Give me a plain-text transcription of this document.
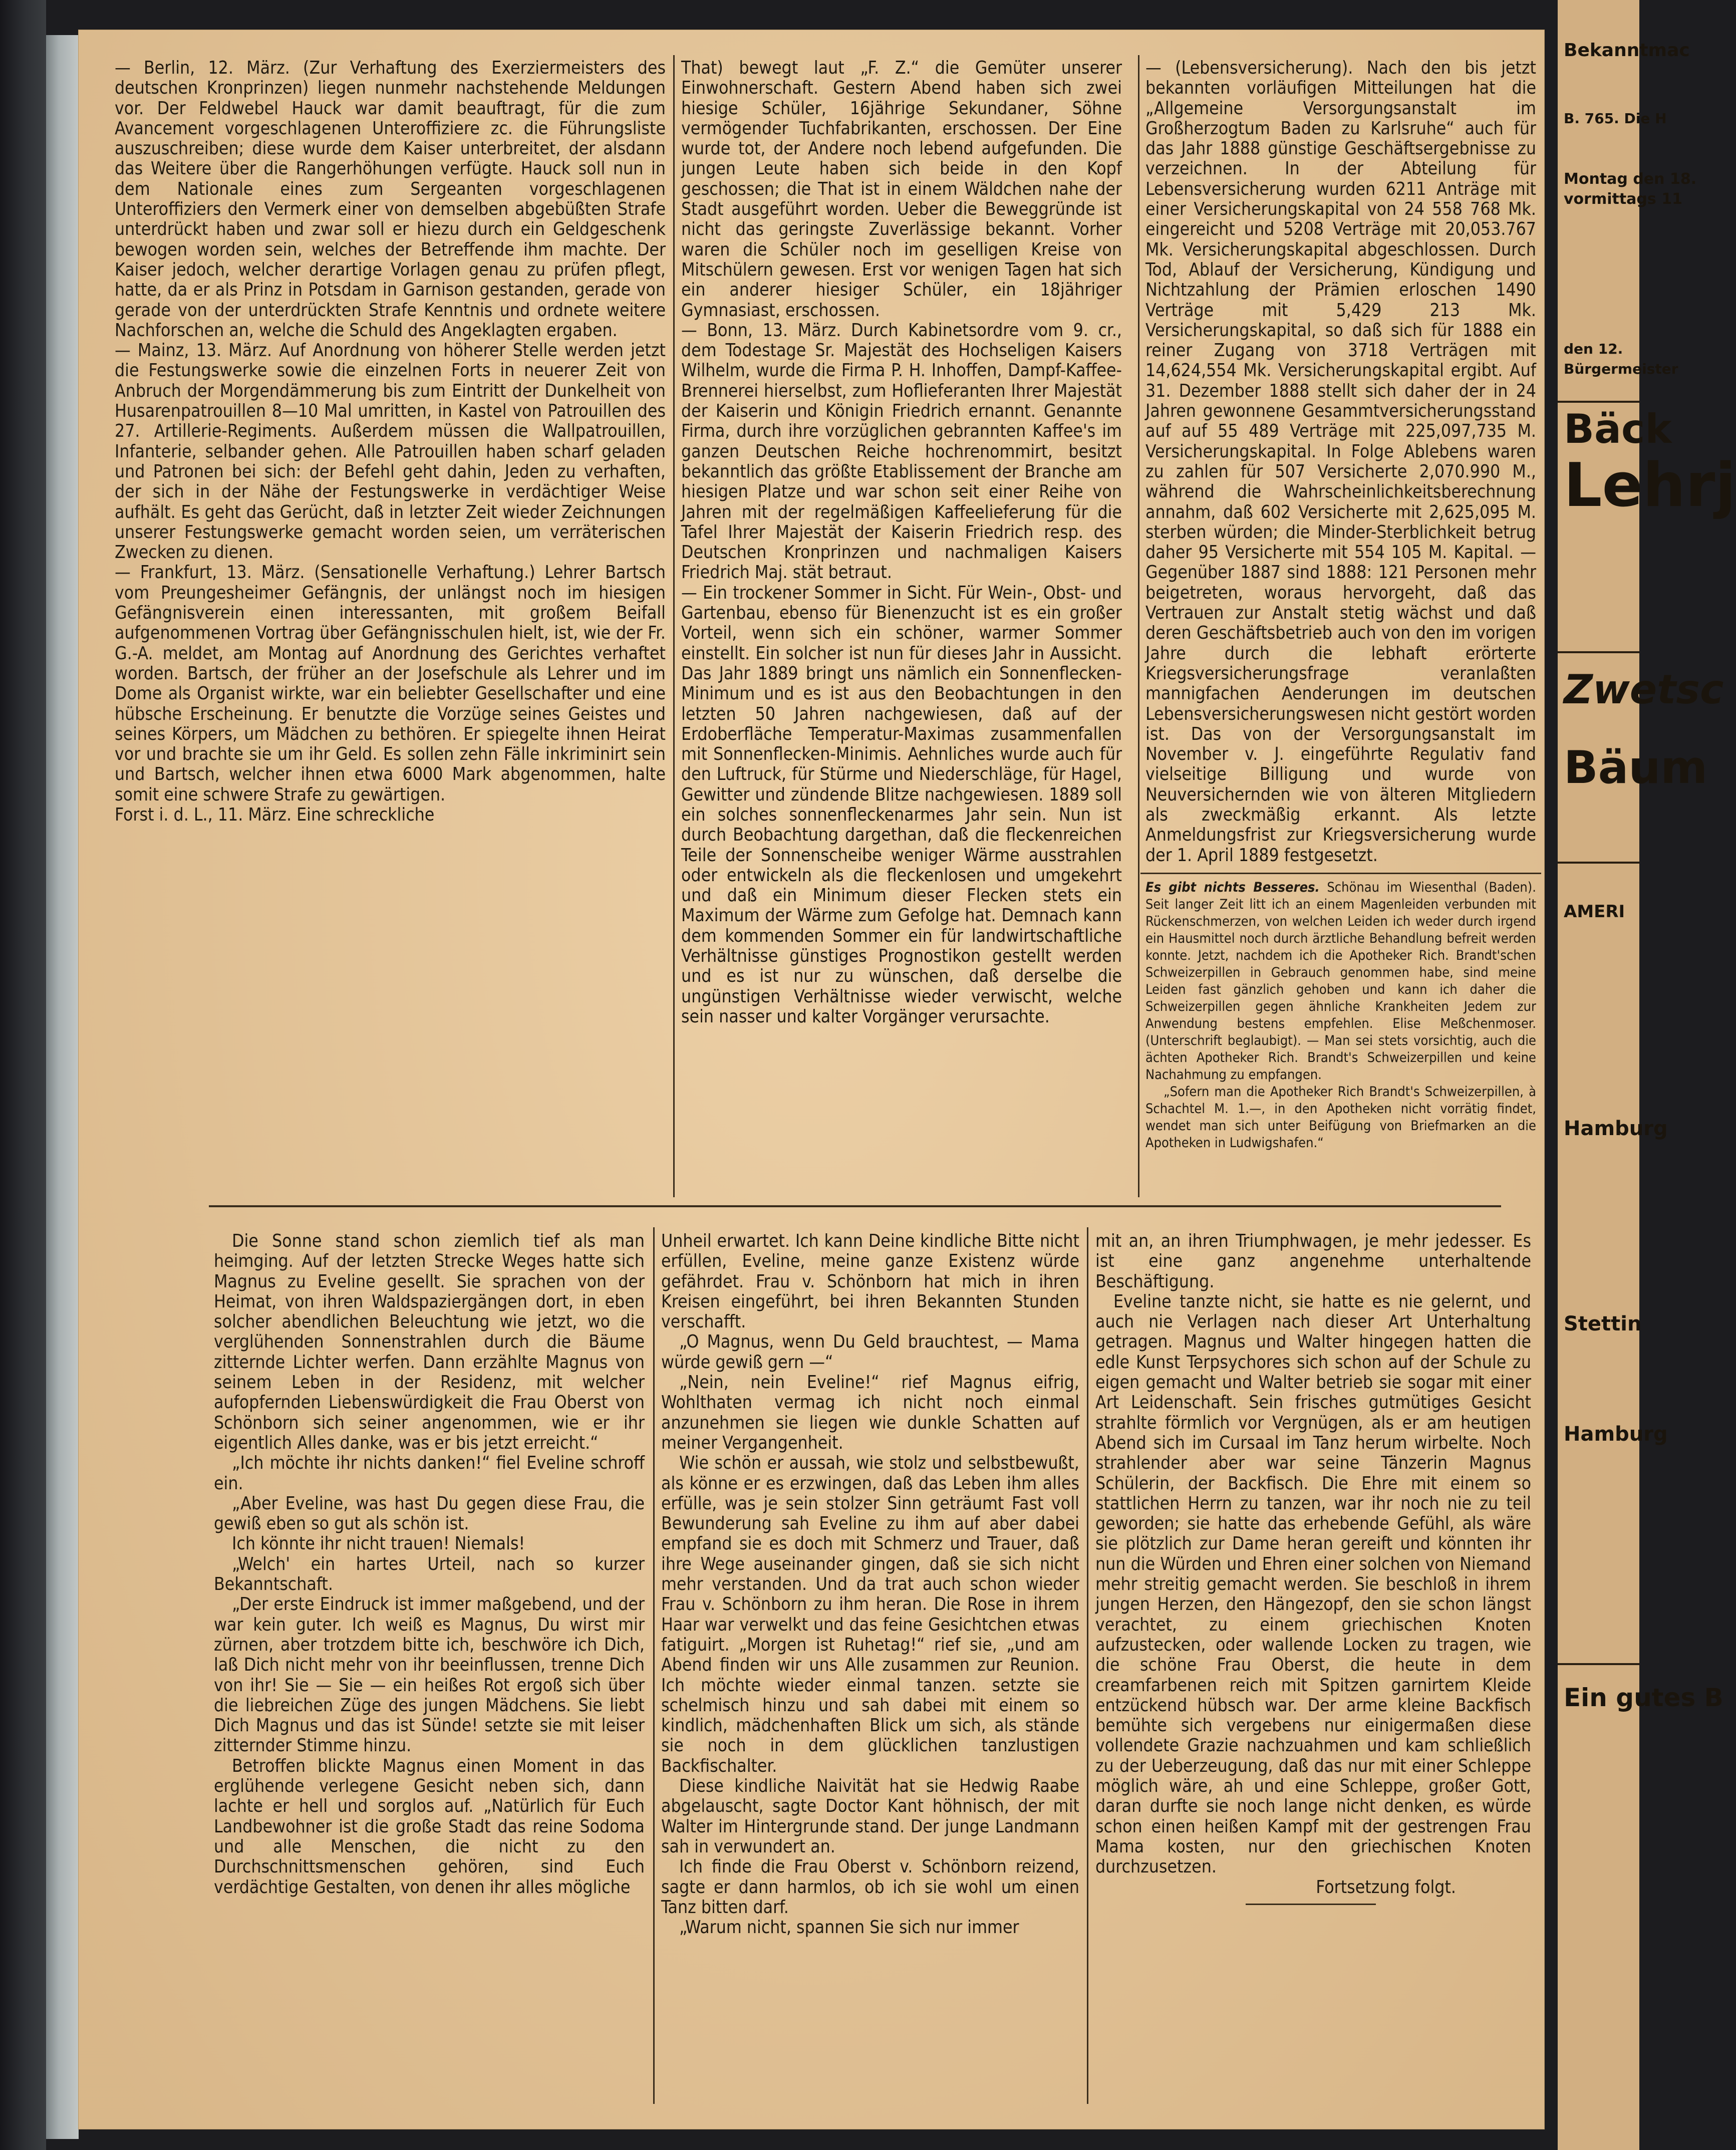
— Berlin, 12. März. (Zur Verhaftung des Exerziermeisters des deutschen Kronprinzen) liegen nunmehr nachstehende Meldungen vor. Der Feldwebel Hauck war damit beauftragt, für die zum Avancement vorgeschlagenen Unteroffiziere zc. die Führungsliste auszuschreiben; diese wurde dem Kaiser unterbreitet, der alsdann das Weitere über die Rangerhöhungen verfügte. Hauck soll nun in dem Nationale eines zum Sergeanten vorgeschlagenen Unteroffiziers den Vermerk einer von demselben abgebüßten Strafe unterdrückt haben und zwar soll er hiezu durch ein Geldgeschenk bewogen worden sein, welches der Betreffende ihm machte. Der Kaiser jedoch, welcher derartige Vorlagen genau zu prüfen pflegt, hatte, da er als Prinz in Potsdam in Garnison gestanden, gerade von gerade von der unterdrückten Strafe Kenntnis und ordnete weitere Nachforschen an, welche die Schuld des Angeklagten ergaben.

— Mainz, 13. März. Auf Anordnung von höherer Stelle werden jetzt die Festungswerke sowie die einzelnen Forts in neuerer Zeit von Anbruch der Morgendämmerung bis zum Eintritt der Dunkelheit von Husarenpatrouillen 8—10 Mal umritten, in Kastel von Patrouillen des 27. Artillerie-Regiments. Außerdem müssen die Wallpatrouillen, Infanterie, selbander gehen. Alle Patrouillen haben scharf geladen und Patronen bei sich: der Befehl geht dahin, Jeden zu verhaften, der sich in der Nähe der Festungswerke in verdächtiger Weise aufhält. Es geht das Gerücht, daß in letzter Zeit wieder Zeichnungen unserer Festungswerke gemacht worden seien, um verräterischen Zwecken zu dienen.

— Frankfurt, 13. März. (Sensationelle Verhaftung.) Lehrer Bartsch vom Preungesheimer Gefängnis, der unlängst noch im hiesigen Gefängnisverein einen interessanten, mit großem Beifall aufgenommenen Vortrag über Gefängnisschulen hielt, ist, wie der Fr. G.-A. meldet, am Montag auf Anordnung des Gerichtes verhaftet worden. Bartsch, der früher an der Josefschule als Lehrer und im Dome als Organist wirkte, war ein beliebter Gesellschafter und eine hübsche Erscheinung. Er benutzte die Vorzüge seines Geistes und seines Körpers, um Mädchen zu bethören. Er spiegelte ihnen Heirat vor und brachte sie um ihr Geld. Es sollen zehn Fälle inkriminirt sein und Bartsch, welcher ihnen etwa 6000 Mark abgenommen, halte somit eine schwere Strafe zu gewärtigen.

Forst i. d. L., 11. März. Eine schreckliche

That) bewegt laut „F. Z.“ die Gemüter unserer Einwohnerschaft. Gestern Abend haben sich zwei hiesige Schüler, 16jährige Sekundaner, Söhne vermögender Tuchfabrikanten, erschossen. Der Eine wurde tot, der Andere noch lebend aufgefunden. Die jungen Leute haben sich beide in den Kopf geschossen; die That ist in einem Wäldchen nahe der Stadt ausgeführt worden. Ueber die Beweggründe ist nicht das geringste Zuverlässige bekannt. Vorher waren die Schüler noch im geselligen Kreise von Mitschülern gewesen. Erst vor wenigen Tagen hat sich ein anderer hiesiger Schüler, ein 18jähriger Gymnasiast, erschossen.

— Bonn, 13. März. Durch Kabinetsordre vom 9. cr., dem Todestage Sr. Majestät des Hochseligen Kaisers Wilhelm, wurde die Firma P. H. Inhoffen, Dampf-Kaffee-Brennerei hierselbst, zum Hoflieferanten Ihrer Majestät der Kaiserin und Königin Friedrich ernannt. Genannte Firma, durch ihre vorzüglichen gebrannten Kaffee's im ganzen Deutschen Reiche hochrenommirt, besitzt bekanntlich das größte Etablissement der Branche am hiesigen Platze und war schon seit einer Reihe von Jahren mit der regelmäßigen Kaffeelieferung für die Tafel Ihrer Majestät der Kaiserin Friedrich resp. des Deutschen Kronprinzen und nachmaligen Kaisers Friedrich Maj. stät betraut.

— Ein trockener Sommer in Sicht. Für Wein-, Obst- und Gartenbau, ebenso für Bienenzucht ist es ein großer Vorteil, wenn sich ein schöner, warmer Sommer einstellt. Ein solcher ist nun für dieses Jahr in Aussicht. Das Jahr 1889 bringt uns nämlich ein Sonnenflecken-Minimum und es ist aus den Beobachtungen in den letzten 50 Jahren nachgewiesen, daß auf der Erdoberfläche Temperatur-Maximas zusammenfallen mit Sonnenflecken-Minimis. Aehnliches wurde auch für den Luftruck, für Stürme und Niederschläge, für Hagel, Gewitter und zündende Blitze nachgewiesen. 1889 soll ein solches sonnenfleckenarmes Jahr sein. Nun ist durch Beobachtung dargethan, daß die fleckenreichen Teile der Sonnenscheibe weniger Wärme ausstrahlen oder entwickeln als die fleckenlosen und umgekehrt und daß ein Minimum dieser Flecken stets ein Maximum der Wärme zum Gefolge hat. Demnach kann dem kommenden Sommer ein für landwirtschaftliche Verhältnisse günstiges Prognostikon gestellt werden und es ist nur zu wünschen, daß derselbe die ungünstigen Verhältnisse wieder verwischt, welche sein nasser und kalter Vorgänger verursachte.

— (Lebensversicherung). Nach den bis jetzt bekannten vorläufigen Mitteilungen hat die „Allgemeine Versorgungsanstalt im Großherzogtum Baden zu Karlsruhe“ auch für das Jahr 1888 günstige Geschäftsergebnisse zu verzeichnen. In der Abteilung für Lebensversicherung wurden 6211 Anträge mit einer Versicherungskapital von 24 558 768 Mk. eingereicht und 5208 Verträge mit 20,053.767 Mk. Versicherungskapital abgeschlossen. Durch Tod, Ablauf der Versicherung, Kündigung und Nichtzahlung der Prämien erloschen 1490 Verträge mit 5,429 213 Mk. Versicherungskapital, so daß sich für 1888 ein reiner Zugang von 3718 Verträgen mit 14,624,554 Mk. Versicherungskapital ergibt. Auf 31. Dezember 1888 stellt sich daher der in 24 Jahren gewonnene Gesammtversicherungsstand auf auf 55 489 Verträge mit 225,097,735 M. Versicherungskapital. In Folge Ablebens waren zu zahlen für 507 Versicherte 2,070.990 M., während die Wahrscheinlichkeitsberechnung annahm, daß 602 Versicherte mit 2,625,095 M. sterben würden; die Minder-Sterblichkeit betrug daher 95 Versicherte mit 554 105 M. Kapital. — Gegenüber 1887 sind 1888: 121 Personen mehr beigetreten, woraus hervorgeht, daß das Vertrauen zur Anstalt stetig wächst und daß deren Geschäftsbetrieb auch von den im vorigen Jahre durch die lebhaft erörterte Kriegsversicherungsfrage veranlaßten mannigfachen Aenderungen im deutschen Lebensversicherungswesen nicht gestört worden ist. Das von der Versorgungsanstalt im November v. J. eingeführte Regulativ fand vielseitige Billigung und wurde von Neuversichernden wie von älteren Mitgliedern als zweckmäßig erkannt. Als letzte Anmeldungsfrist zur Kriegsversicherung wurde der 1. April 1889 festgesetzt.

Es gibt nichts Besseres. Schönau im Wiesenthal (Baden). Seit langer Zeit litt ich an einem Magenleiden verbunden mit Rückenschmerzen, von welchen Leiden ich weder durch irgend ein Hausmittel noch durch ärztliche Behandlung befreit werden konnte. Jetzt, nachdem ich die Apotheker Rich. Brandt'schen Schweizerpillen in Gebrauch genommen habe, sind meine Leiden fast gänzlich gehoben und kann ich daher die Schweizerpillen gegen ähnliche Krankheiten Jedem zur Anwendung bestens empfehlen. Elise Meßchenmoser. (Unterschrift beglaubigt). — Man sei stets vorsichtig, auch die ächten Apotheker Rich. Brandt's Schweizerpillen und keine Nachahmung zu empfangen.

„Sofern man die Apotheker Rich Brandt's Schweizerpillen, à Schachtel M. 1.—, in den Apotheken nicht vorrätig findet, wendet man sich unter Beifügung von Briefmarken an die Apotheken in Ludwigshafen.“

Die Sonne stand schon ziemlich tief als man heimging. Auf der letzten Strecke Weges hatte sich Magnus zu Eveline gesellt. Sie sprachen von der Heimat, von ihren Waldspaziergängen dort, in eben solcher abendlichen Beleuchtung wie jetzt, wo die verglühenden Sonnenstrahlen durch die Bäume zitternde Lichter werfen. Dann erzählte Magnus von seinem Leben in der Residenz, mit welcher aufopfernden Liebenswürdigkeit die Frau Oberst von Schönborn sich seiner angenommen, wie er ihr eigentlich Alles danke, was er bis jetzt erreicht.“

„Ich möchte ihr nichts danken!“ fiel Eveline schroff ein.

„Aber Eveline, was hast Du gegen diese Frau, die gewiß eben so gut als schön ist.

Ich könnte ihr nicht trauen! Niemals!

„Welch' ein hartes Urteil, nach so kurzer Bekanntschaft.

„Der erste Eindruck ist immer maßgebend, und der war kein guter. Ich weiß es Magnus, Du wirst mir zürnen, aber trotzdem bitte ich, beschwöre ich Dich, laß Dich nicht mehr von ihr beeinflussen, trenne Dich von ihr! Sie — Sie — ein heißes Rot ergoß sich über die liebreichen Züge des jungen Mädchens. Sie liebt Dich Magnus und das ist Sünde! setzte sie mit leiser zitternder Stimme hinzu.

Betroffen blickte Magnus einen Moment in das erglühende verlegene Gesicht neben sich, dann lachte er hell und sorglos auf. „Natürlich für Euch Landbewohner ist die große Stadt das reine Sodoma und alle Menschen, die nicht zu den Durchschnittsmenschen gehören, sind Euch verdächtige Gestalten, von denen ihr alles mögliche

Unheil erwartet. Ich kann Deine kindliche Bitte nicht erfüllen, Eveline, meine ganze Existenz würde gefährdet. Frau v. Schönborn hat mich in ihren Kreisen eingeführt, bei ihren Bekannten Stunden verschafft.

„O Magnus, wenn Du Geld brauchtest, — Mama würde gewiß gern —“

„Nein, nein Eveline!“ rief Magnus eifrig, Wohlthaten vermag ich nicht noch einmal anzunehmen sie liegen wie dunkle Schatten auf meiner Vergangenheit.

Wie schön er aussah, wie stolz und selbstbewußt, als könne er es erzwingen, daß das Leben ihm alles erfülle, was je sein stolzer Sinn geträumt Fast voll Bewunderung sah Eveline zu ihm auf aber dabei empfand sie es doch mit Schmerz und Trauer, daß ihre Wege auseinander gingen, daß sie sich nicht mehr verstanden. Und da trat auch schon wieder Frau v. Schönborn zu ihm heran. Die Rose in ihrem Haar war verwelkt und das feine Gesichtchen etwas fatiguirt. „Morgen ist Ruhetag!“ rief sie, „und am Abend finden wir uns Alle zusammen zur Reunion. Ich möchte wieder einmal tanzen. setzte sie schelmisch hinzu und sah dabei mit einem so kindlich, mädchenhaften Blick um sich, als stände sie noch in dem glücklichen tanzlustigen Backfischalter.

Diese kindliche Naivität hat sie Hedwig Raabe abgelauscht, sagte Doctor Kant höhnisch, der mit Walter im Hintergrunde stand. Der junge Landmann sah in verwundert an.

Ich finde die Frau Oberst v. Schönborn reizend, sagte er dann harmlos, ob ich sie wohl um einen Tanz bitten darf.

„Warum nicht, spannen Sie sich nur immer

mit an, an ihren Triumphwagen, je mehr jedesser. Es ist eine ganz angenehme unterhaltende Beschäftigung.

Eveline tanzte nicht, sie hatte es nie gelernt, und auch nie Verlagen nach dieser Art Unterhaltung getragen. Magnus und Walter hingegen hatten die edle Kunst Terpsychores sich schon auf der Schule zu eigen gemacht und Walter betrieb sie sogar mit einer Art Leidenschaft. Sein frisches gutmütiges Gesicht strahlte förmlich vor Vergnügen, als er am heutigen Abend sich im Cursaal im Tanz herum wirbelte. Noch strahlender aber war seine Tänzerin Magnus Schülerin, der Backfisch. Die Ehre mit einem so stattlichen Herrn zu tanzen, war ihr noch nie zu teil geworden; sie hatte das erhebende Gefühl, als wäre sie plötzlich zur Dame heran gereift und könnten ihr nun die Würden und Ehren einer solchen von Niemand mehr streitig gemacht werden. Sie beschloß in ihrem jungen Herzen, den Hängezopf, den sie schon längst verachtet, zu einem griechischen Knoten aufzustecken, oder wallende Locken zu tragen, wie die schöne Frau Oberst, die heute in dem creamfarbenen reich mit Spitzen garnirtem Kleide entzückend hübsch war. Der arme kleine Backfisch bemühte sich vergebens nur einigermaßen diese vollendete Grazie nachzuahmen und kam schließlich zu der Ueberzeugung, daß das nur mit einer Schleppe möglich wäre, ah und eine Schleppe, großer Gott, daran durfte sie noch lange nicht denken, es würde schon einen heißen Kampf mit der gestrengen Frau Mama kosten, nur den griechischen Knoten durchzusetzen.

Fortsetzung folgt.

Bekanntmac
B. 765. Die H
Montag den 18.
vormittags 11
den 12.
Bürgermeister
Bäck
Lehrj
Zwetsc
Bäum
AMERI
Hamburg
Stettin
Hamburg
Ein gutes B
